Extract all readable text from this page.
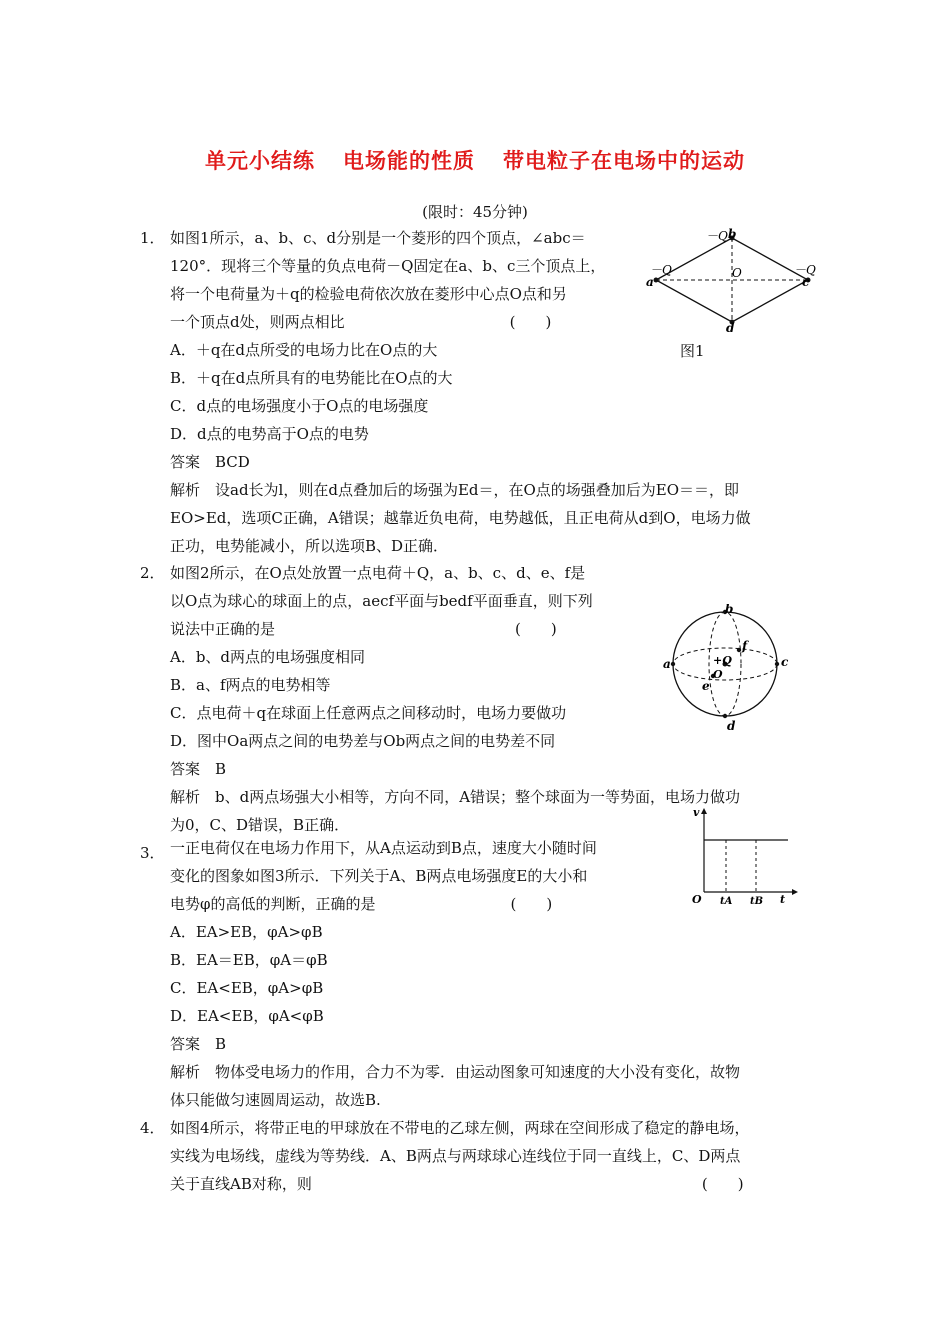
单元小结练 电场能的性质 带电粒子在电场中的运动
(限时：45分钟)
1． 如图1所示，a、b、c、d分别是一个菱形的四个顶点，∠abc＝
120°．现将三个等量的负点电荷－Q固定在a、b、c三个顶点上，
将一个电荷量为＋q的检验电荷依次放在菱形中心点O点和另
一个顶点d处，则两点相比　　　　　　　　　　　(　　)
A．＋q在d点所受的电场力比在O点的大
B．＋q在d点所具有的电势能比在O点的大
C．d点的电场强度小于O点的电场强度
D．d点的电势高于O点的电势
答案　BCD
解析　设ad长为l，则在d点叠加后的场强为Ed＝，在O点的场强叠加后为EO＝＝，即
EO>Ed，选项C正确，A错误；越靠近负电荷，电势越低，且正电荷从d到O，电场力做
正功，电势能减小，所以选项B、D正确．
－Q b
－Q
a
－Q
c
O
d
图1
2． 如图2所示，在O点处放置一点电荷＋Q，a、b、c、d、e、f是
以O点为球心的球面上的点，aecf平面与bedf平面垂直，则下列
说法中正确的是　　　　　　　　　　　　　　　　(　　)
A．b、d两点的电场强度相同
B．a、f两点的电势相等
C．点电荷＋q在球面上任意两点之间移动时，电场力要做功
D．图中Oa两点之间的电势差与Ob两点之间的电势差不同
答案　B
解析　b、d两点场强大小相等，方向不同，A错误；整个球面为一等势面，电场力做功
为0，C、D错误，B正确．
a
b
c
d
e
f
+Q
O
3． 一正电荷仅在电场力作用下，从A点运动到B点，速度大小随时间
变化的图象如图3所示．下列关于A、B两点电场强度E的大小和
电势φ的高低的判断，正确的是　　　　　　　　　(　　)
A．EA>EB，φA>φB
B．EA＝EB，φA＝φB
C．EA<EB，φA>φB
D．EA<EB，φA<φB
答案　B
解析　物体受电场力的作用，合力不为零．由运动图象可知速度的大小没有变化，故物
体只能做匀速圆周运动，故选B.
v
O tA tB t
4． 如图4所示，将带正电的甲球放在不带电的乙球左侧，两球在空间形成了稳定的静电场，
实线为电场线，虚线为等势线．A、B两点与两球球心连线位于同一直线上，C、D两点
关于直线AB对称，则　　　　　　　　　　　　　　　　　　　　　　　　　　(　　)
